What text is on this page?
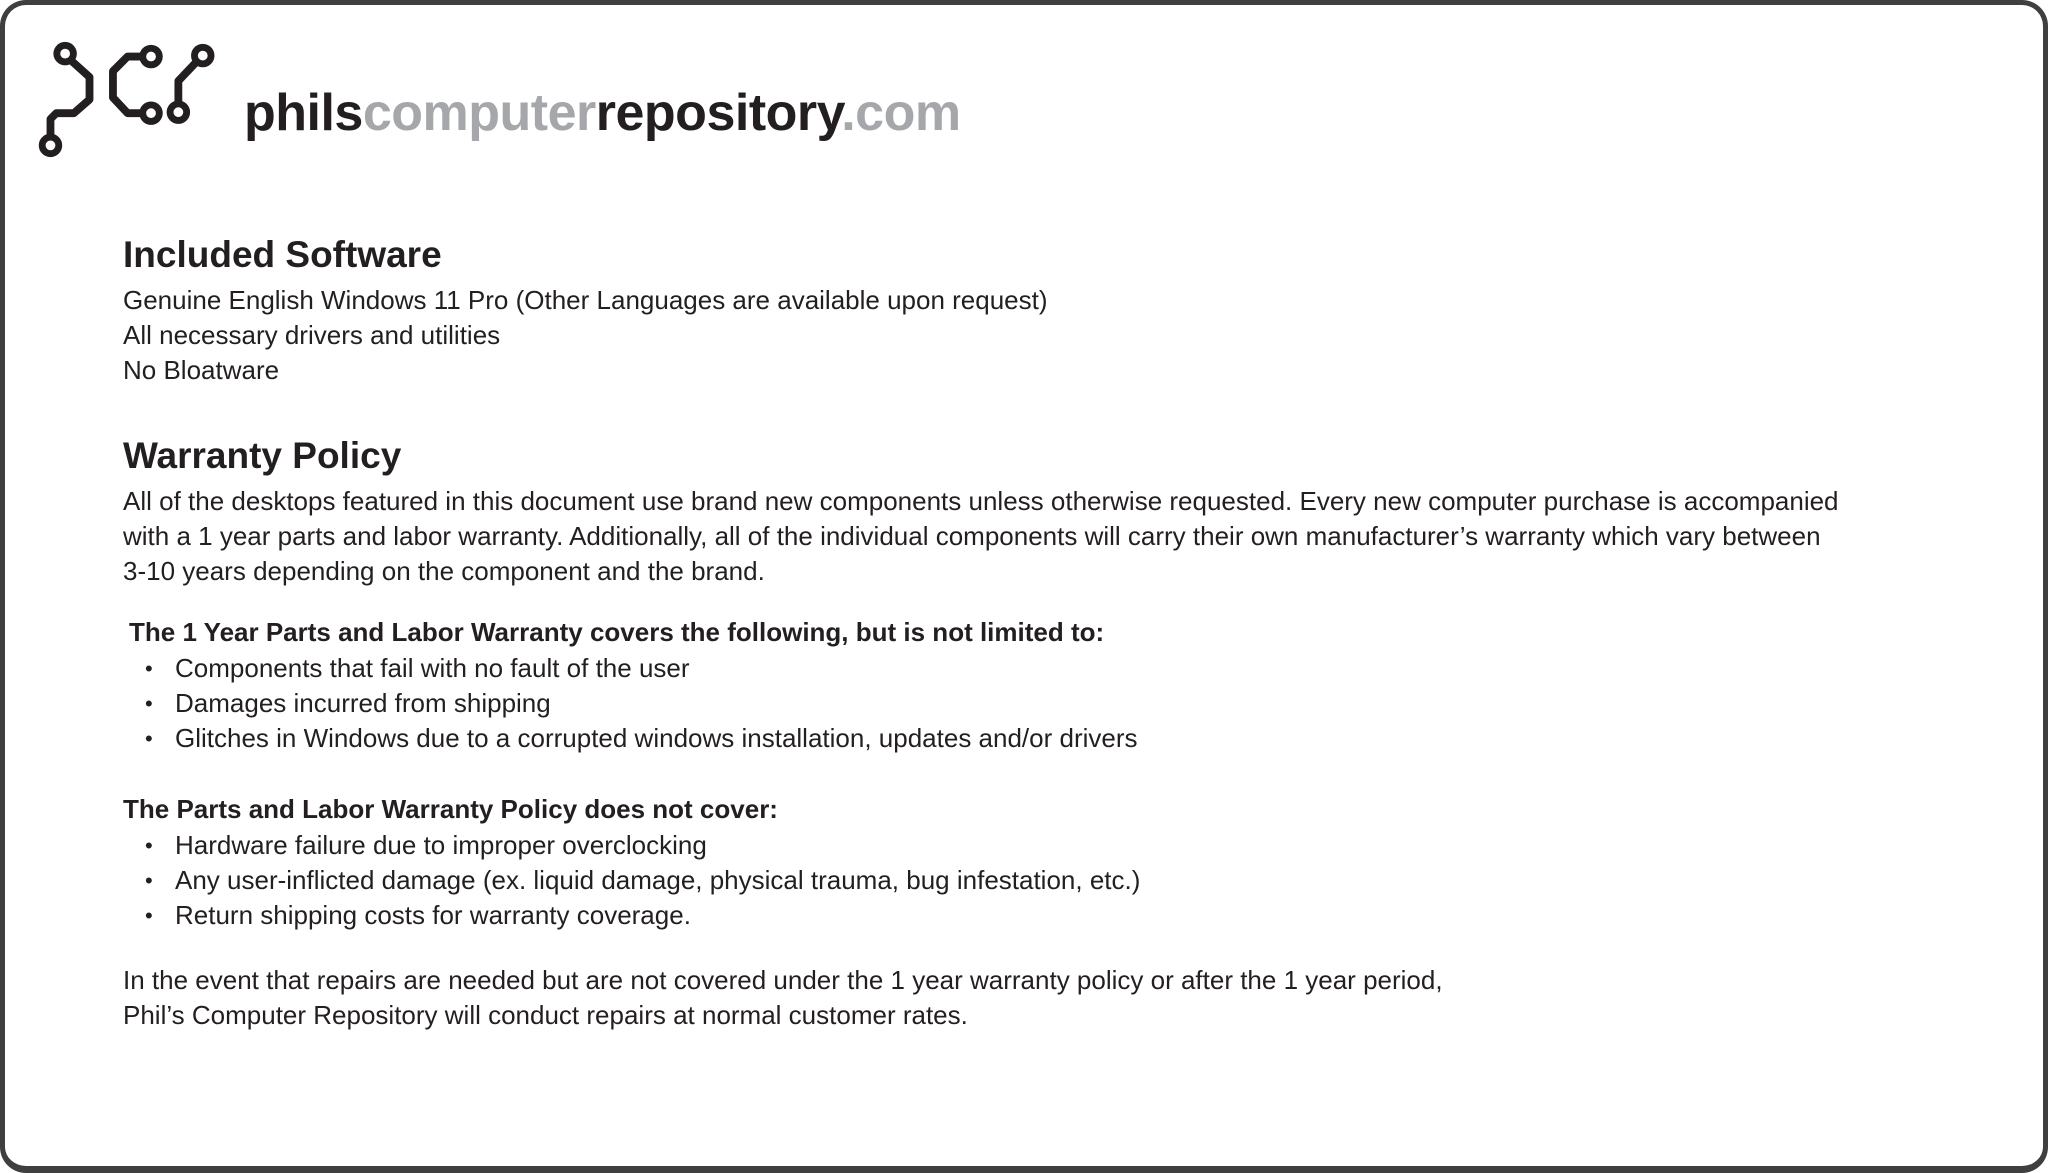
philscomputerrepository.com
Included Software
Genuine English Windows 11 Pro (Other Languages are available upon request)
All necessary drivers and utilities
No Bloatware
Warranty Policy
All of the desktops featured in this document use brand new components unless otherwise requested. Every new computer purchase is accompanied
with a 1 year parts and labor warranty. Additionally, all of the individual components will carry their own manufacturer’s warranty which vary between
3-10 years depending on the component and the brand.
The 1 Year Parts and Labor Warranty covers the following, but is not limited to:
• Components that fail with no fault of the user
• Damages incurred from shipping
• Glitches in Windows due to a corrupted windows installation, updates and/or drivers
The Parts and Labor Warranty Policy does not cover:
• Hardware failure due to improper overclocking
• Any user-inflicted damage (ex. liquid damage, physical trauma, bug infestation, etc.)
• Return shipping costs for warranty coverage.
In the event that repairs are needed but are not covered under the 1 year warranty policy or after the 1 year period,
Phil’s Computer Repository will conduct repairs at normal customer rates.
